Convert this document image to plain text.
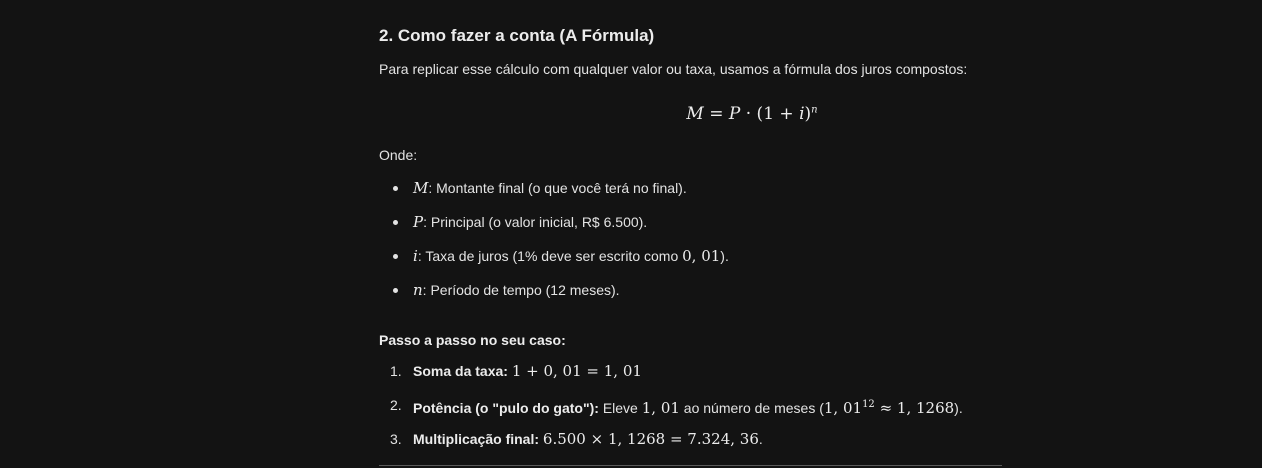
2. Como fazer a conta (A Fórmula)
Para replicar esse cálculo com qualquer valor ou taxa, usamos a fórmula dos juros compostos:
$M = P \cdot (1 + i)^n$
Onde:
M: Montante final (o que você terá no final).
P: Principal (o valor inicial, R$ 6.500).
i: Taxa de juros (1% deve ser escrito como 0, 01).
n: Período de tempo (12 meses).
Passo a passo no seu caso:
1. Soma da taxa: 1 + 0, 01 = 1, 01
2. Potência (o "pulo do gato"): Eleve 1, 01 ao número de meses (1, $01^{12} \approx 1$, 1268).
3. Multiplicação final: 6.500 × 1, 1268 = 7.324, 36.
